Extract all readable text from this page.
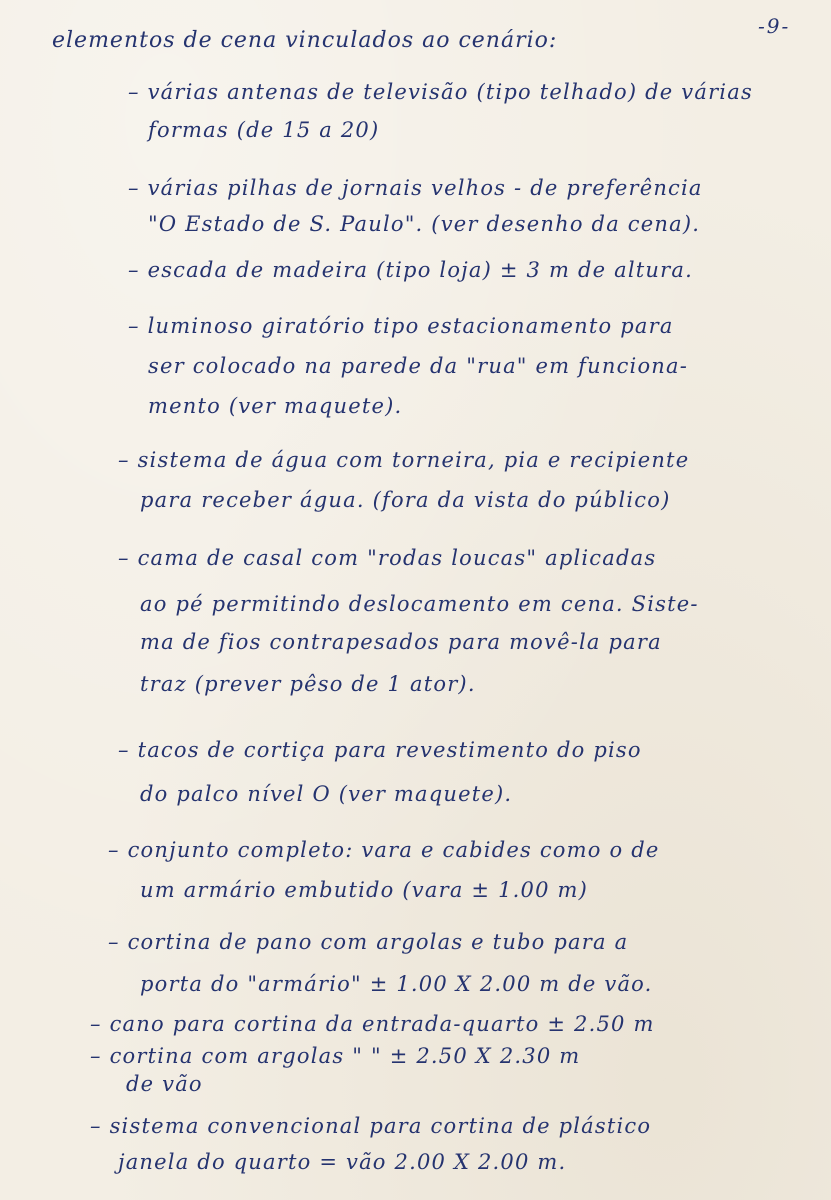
-9-
elementos de cena vinculados ao cenário:
– várias antenas de televisão (tipo telhado) de várias
formas (de 15 a 20)
– várias pilhas de jornais velhos - de preferência
"O Estado de S. Paulo". (ver desenho da cena).
– escada de madeira (tipo loja) ± 3 m de altura.
– luminoso giratório tipo estacionamento para
ser colocado na parede da "rua" em funciona-
mento (ver maquete).
– sistema de água com torneira, pia e recipiente
para receber água. (fora da vista do público)
– cama de casal com "rodas loucas" aplicadas
ao pé permitindo deslocamento em cena. Siste-
ma de fios contrapesados para movê-la para
traz (prever pêso de 1 ator).
– tacos de cortiça para revestimento do piso
do palco nível O (ver maquete).
– conjunto completo: vara e cabides como o de
um armário embutido (vara ± 1.00 m)
– cortina de pano com argolas e tubo para a
porta do "armário" ± 1.00 X 2.00 m de vão.
– cano para cortina da entrada-quarto ± 2.50 m
– cortina com argolas " " ± 2.50 X 2.30 m
de vão
– sistema convencional para cortina de plástico
janela do quarto = vão 2.00 X 2.00 m.
